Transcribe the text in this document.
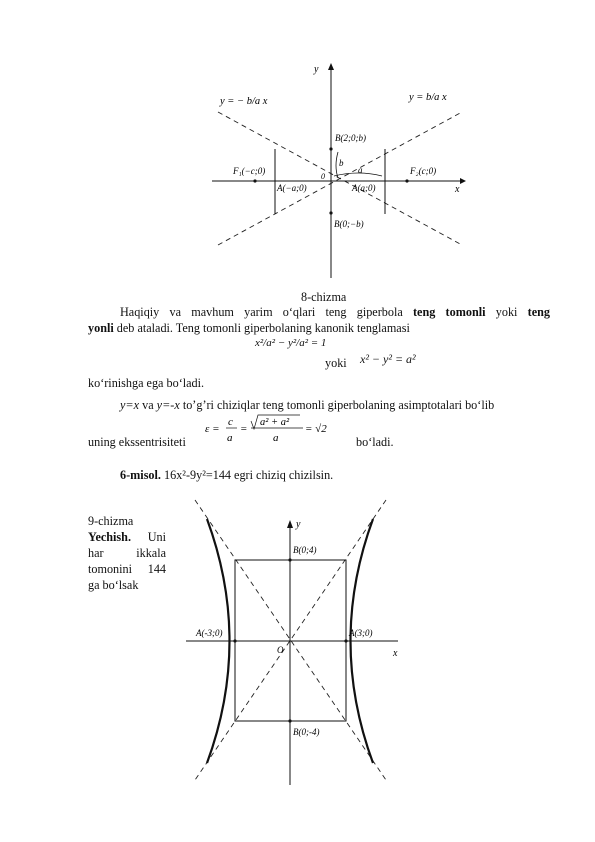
y
x
y = − b/a x	y = b/a x
B(2;0;b)
B(0;−b)
F₁(−c;0)	F₂(c;0)
A(−a;0)	A(a;0)
b
a
0
8-chizma
Haqiqiy va mavhum yarim o‘qlari teng giperbola teng tomonli yoki teng
yonli deb ataladi. Teng tomonli giperbolaning kanonik tenglamasi
x²/a² − y²/a² = 1
yoki x² − y² = a²
ko‘rinishga ega bo‘ladi.
y=x va y=-x to’g’ri chiziqlar teng tomonli giperbolaning asimptotalari bo‘lib
uning ekssentrisiteti
ε =
c
a
=
a² + a²
a
= √2
bo‘ladi.
6-misol. 16x²-9y²=144 egri chiziq chizilsin.
9-chizma
Yechish. Uni
har	ikkala
tomonini 144
ga bo‘lsak
y
x
B(0;4)
B(0;-4)
A(-3;0)	A(3;0)
O
